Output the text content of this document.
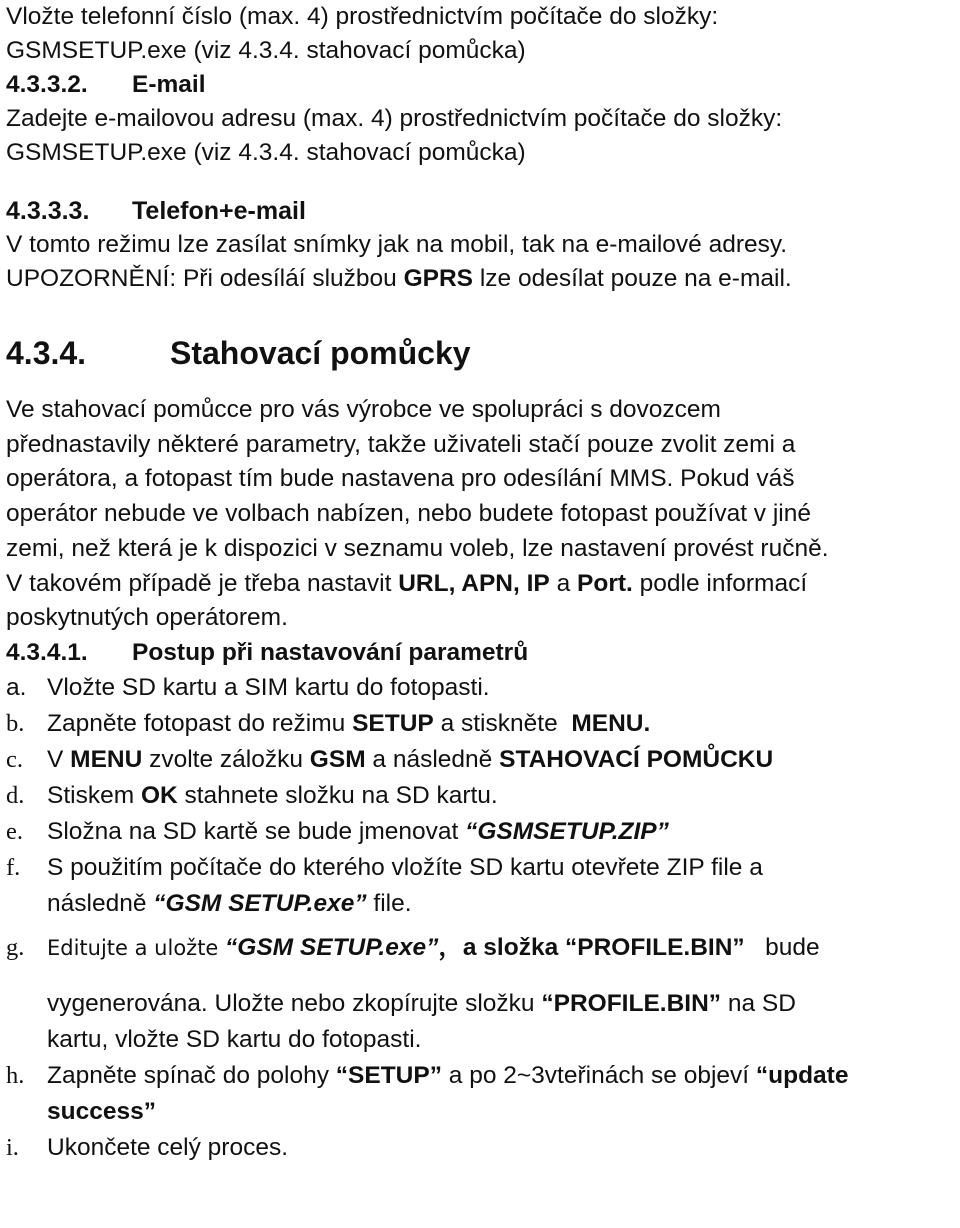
Vložte telefonní číslo (max. 4) prostřednictvím počítače do složky:
GSMSETUP.exe (viz 4.3.4. stahovací pomůcka)
4.3.3.2. E-mail
Zadejte e-mailovou adresu (max. 4) prostřednictvím počítače do složky:
GSMSETUP.exe (viz 4.3.4. stahovací pomůcka)
4.3.3.3. Telefon+e-mail
V tomto režimu lze zasílat snímky jak na mobil, tak na e-mailové adresy.
UPOZORNĚNÍ: Při odesíláí službou GPRS lze odesílat pouze na e-mail.
4.3.4.	Stahovací pomůcky
Ve stahovací pomůcce pro vás výrobce ve spolupráci s dovozcem
přednastavily některé parametry, takže uživateli stačí pouze zvolit zemi a
operátora, a fotopast tím bude nastavena pro odesílání MMS. Pokud váš
operátor nebude ve volbach nabízen, nebo budete fotopast používat v jiné
zemi, než která je k dispozici v seznamu voleb, lze nastavení provést ručně.
V takovém případě je třeba nastavit URL, APN, IP a Port. podle informací
poskytnutých operátorem.
4.3.4.1. Postup při nastavování parametrů
a. Vložte SD kartu a SIM kartu do fotopasti.
b. Zapněte fotopast do režimu SETUP a stiskněte  MENU.
c. V MENU zvolte záložku GSM a následně STAHOVACÍ POMŮCKU
d. Stiskem OK stahnete složku na SD kartu.
e. Složna na SD kartě se bude jmenovat “GSMSETUP.ZIP”
f.	S použitím počítače do kterého vložíte SD kartu otevřete ZIP file a
následně “GSM SETUP.exe” file.
g.	Editujte a uložte “GSM SETUP.exe”，a složka “PROFILE.BIN”   bude
vygenerována. Uložte nebo zkopírujte složku “PROFILE.BIN” na SD
kartu, vložte SD kartu do fotopasti.
h. Zapněte spínač do polohy “SETUP” a po 2~3vteřinách se objeví “update
success”
i.	Ukončete celý proces.
